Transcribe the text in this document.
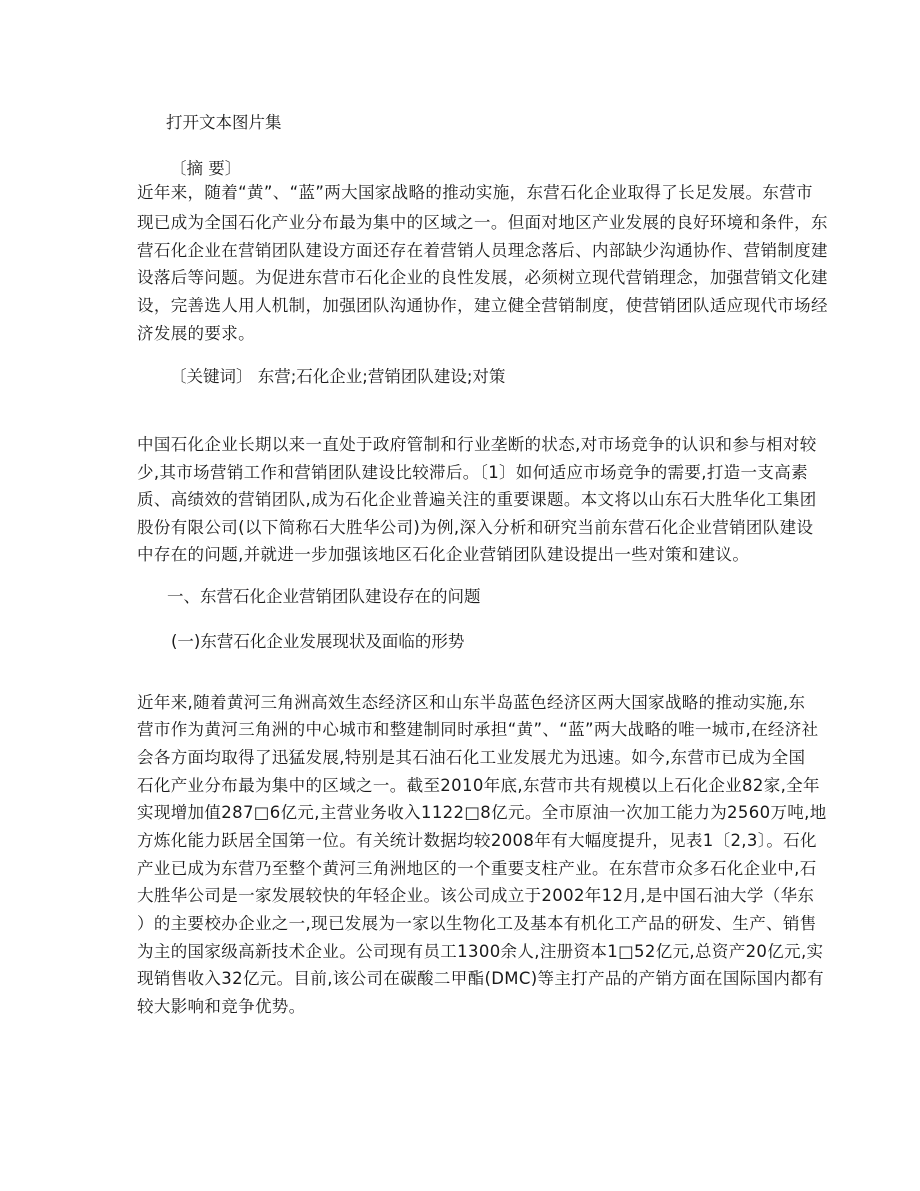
打开文本图片集
〔摘 要〕
近年来，随着“黄”、“蓝”两大国家战略的推动实施，东营石化企业取得了长足发展。东营市
现已成为全国石化产业分布最为集中的区域之一。但面对地区产业发展的良好环境和条件，东
营石化企业在营销团队建设方面还存在着营销人员理念落后、内部缺少沟通协作、营销制度建
设落后等问题。为促进东营市石化企业的良性发展，必须树立现代营销理念，加强营销文化建
设，完善选人用人机制，加强团队沟通协作，建立健全营销制度，使营销团队适应现代市场经
济发展的要求。
〔关键词〕 东营;石化企业;营销团队建设;对策
中国石化企业长期以来一直处于政府管制和行业垄断的状态,对市场竞争的认识和参与相对较
少,其市场营销工作和营销团队建设比较滞后。〔1〕如何适应市场竞争的需要,打造一支高素
质、高绩效的营销团队,成为石化企业普遍关注的重要课题。本文将以山东石大胜华化工集团
股份有限公司(以下简称石大胜华公司)为例,深入分析和研究当前东营石化企业营销团队建设
中存在的问题,并就进一步加强该地区石化企业营销团队建设提出一些对策和建议。
一、东营石化企业营销团队建设存在的问题
(一)东营石化企业发展现状及面临的形势
近年来,随着黄河三角洲高效生态经济区和山东半岛蓝色经济区两大国家战略的推动实施,东
营市作为黄河三角洲的中心城市和整建制同时承担“黄”、“蓝”两大战略的唯一城市,在经济社
会各方面均取得了迅猛发展,特别是其石油石化工业发展尤为迅速。如今,东营市已成为全国
石化产业分布最为集中的区域之一。截至2010年底,东营市共有规模以上石化企业82家,全年
实现增加值287□6亿元,主营业务收入1122□8亿元。全市原油一次加工能力为2560万吨,地
方炼化能力跃居全国第一位。有关统计数据均较2008年有大幅度提升，见表1〔2,3〕。石化
产业已成为东营乃至整个黄河三角洲地区的一个重要支柱产业。在东营市众多石化企业中,石
大胜华公司是一家发展较快的年轻企业。该公司成立于2002年12月,是中国石油大学（华东
）的主要校办企业之一,现已发展为一家以生物化工及基本有机化工产品的研发、生产、销售
为主的国家级高新技术企业。公司现有员工1300余人,注册资本1□52亿元,总资产20亿元,实
现销售收入32亿元。目前,该公司在碳酸二甲酯(DMC)等主打产品的产销方面在国际国内都有
较大影响和竞争优势。
